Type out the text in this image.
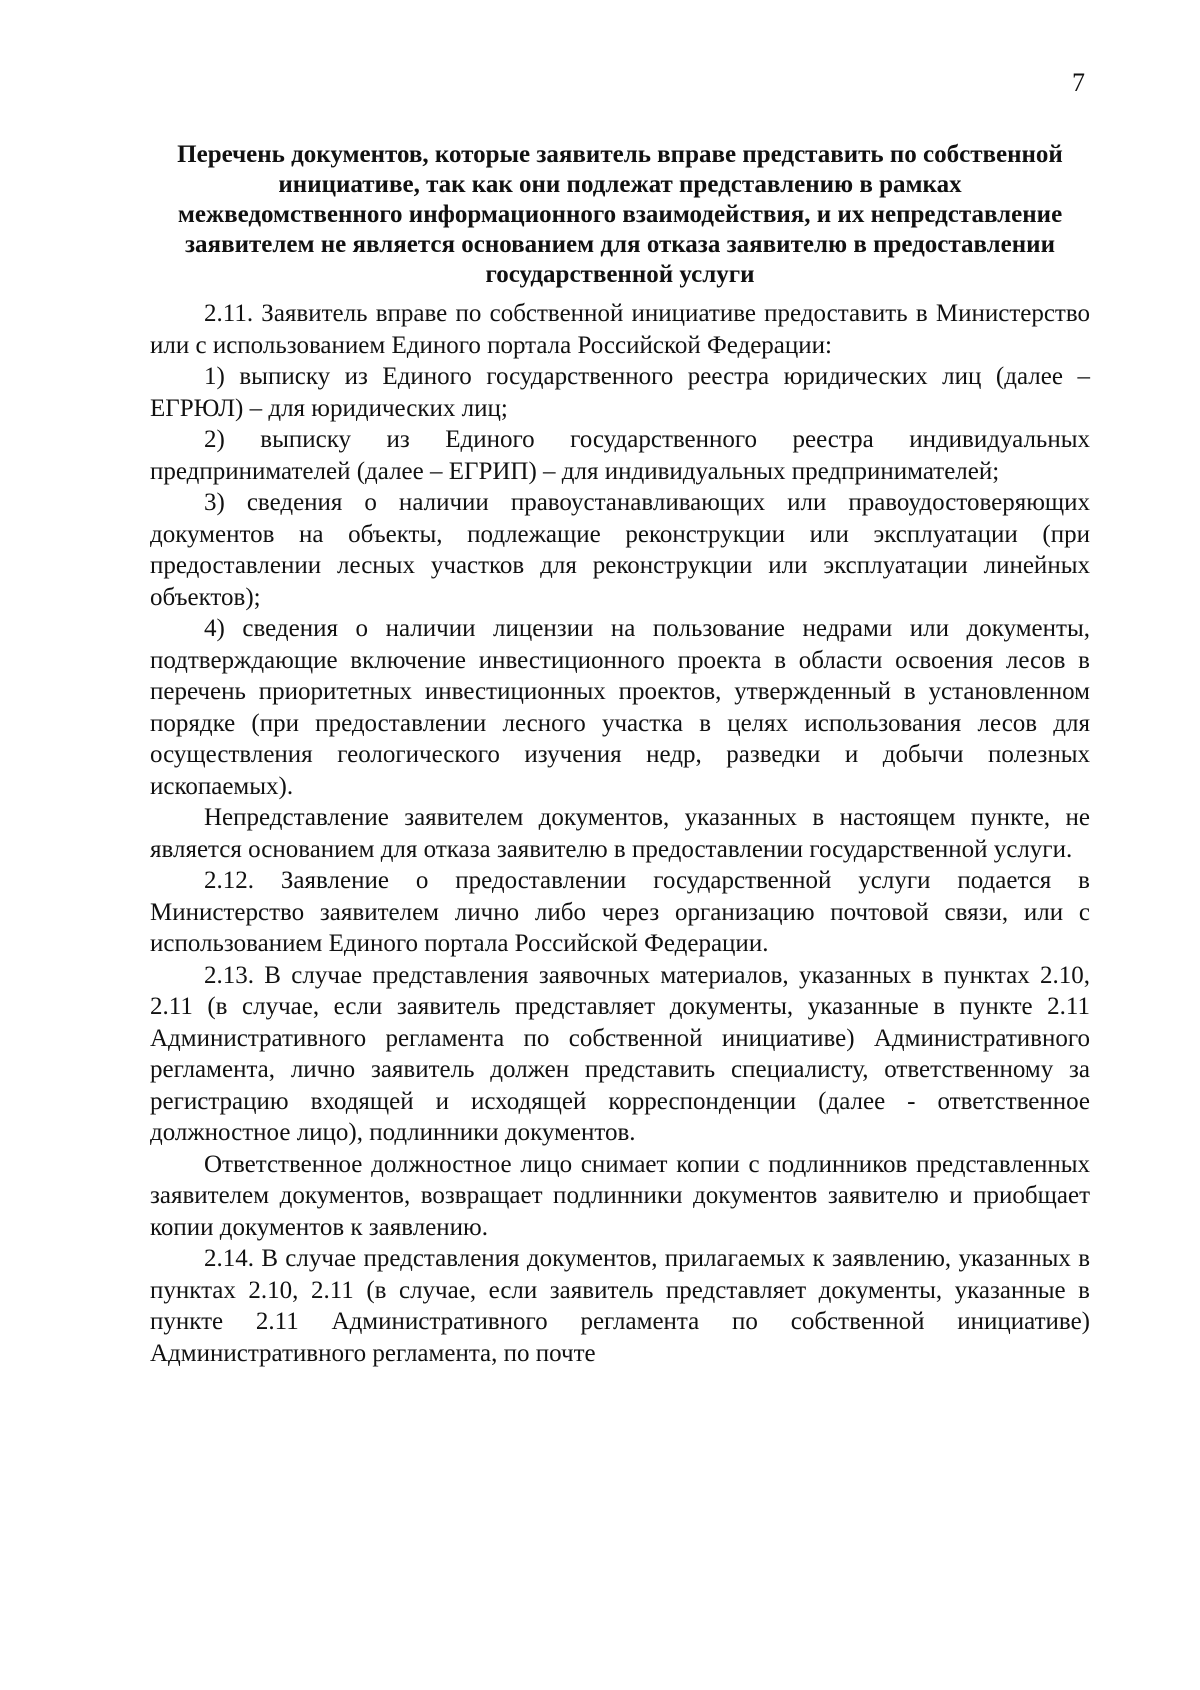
7
Перечень документов, которые заявитель вправе представить по собственной инициативе, так как они подлежат представлению в рамках межведомственного информационного взаимодействия, и их непредставление заявителем не является основанием для отказа заявителю в предоставлении государственной услуги

2.11. Заявитель вправе по собственной инициативе предоставить в Министерство или с использованием Единого портала Российской Федерации:

1) выписку из Единого государственного реестра юридических лиц (далее – ЕГРЮЛ) – для юридических лиц;

2) выписку из Единого государственного реестра индивидуальных предпринимателей (далее – ЕГРИП) – для индивидуальных предпринимателей;

3) сведения о наличии правоустанавливающих или правоудостоверяющих документов на объекты, подлежащие реконструкции или эксплуатации (при предоставлении лесных участков для реконструкции или эксплуатации линейных объектов);

4) сведения о наличии лицензии на пользование недрами или документы, подтверждающие включение инвестиционного проекта в области освоения лесов в перечень приоритетных инвестиционных проектов, утвержденный в установленном порядке (при предоставлении лесного участка в целях использования лесов для осуществления геологического изучения недр, разведки и добычи полезных ископаемых).

Непредставление заявителем документов, указанных в настоящем пункте, не является основанием для отказа заявителю в предоставлении государственной услуги.

2.12. Заявление о предоставлении государственной услуги подается в Министерство заявителем лично либо через организацию почтовой связи, или с использованием Единого портала Российской Федерации.

2.13. В случае представления заявочных материалов, указанных в пунктах 2.10, 2.11 (в случае, если заявитель представляет документы, указанные в пункте 2.11 Административного регламента по собственной инициативе) Административного регламента, лично заявитель должен представить специалисту, ответственному за регистрацию входящей и исходящей корреспонденции (далее - ответственное должностное лицо), подлинники документов.

Ответственное должностное лицо снимает копии с подлинников представленных заявителем документов, возвращает подлинники документов заявителю и приобщает копии документов к заявлению.

2.14. В случае представления документов, прилагаемых к заявлению, указанных в пунктах 2.10, 2.11 (в случае, если заявитель представляет документы, указанные в пункте 2.11 Административного регламента по собственной инициативе) Административного регламента, по почте
